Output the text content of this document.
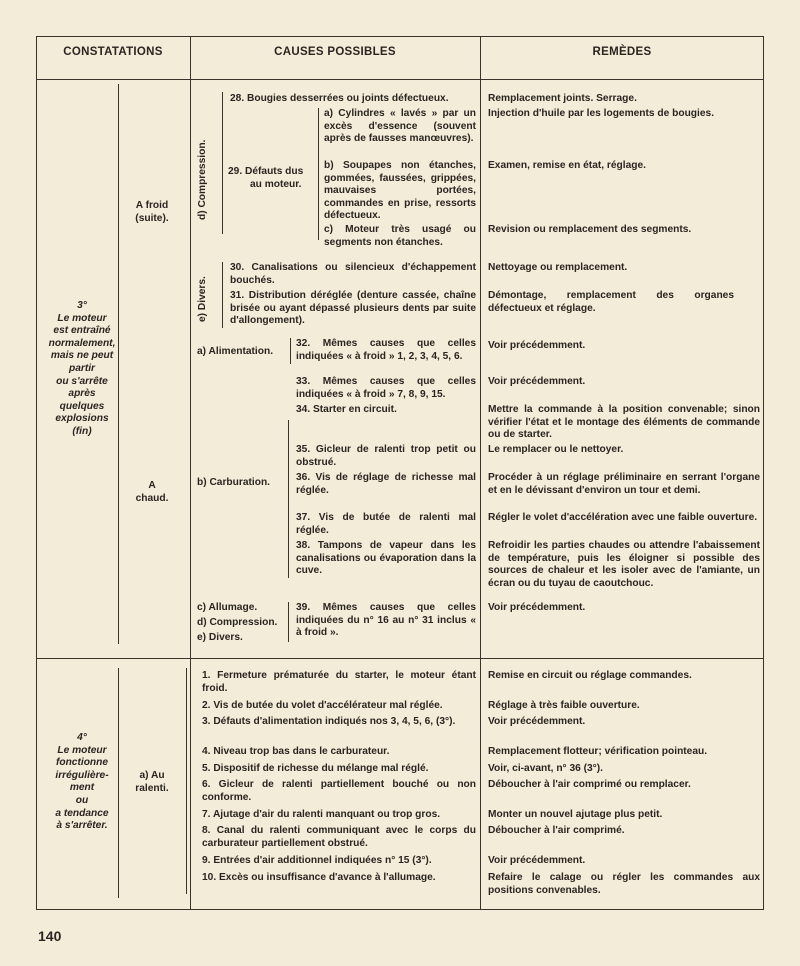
CONSTATATIONS	CAUSES POSSIBLES	REMÈDES
3°
Le moteur
est entraîné
normalement,
mais ne peut
partir
ou s'arrête
après
quelques
explosions
(fin)
A froid
(suite).
A
chaud.
d) Compression.
e) Divers.
29. Défauts dus
au moteur.
28. Bougies desserrées ou joints défectueux.
a) Cylindres « lavés » par un excès d'essence (souvent après de fausses manœuvres).
b) Soupapes non étanches, gommées, faussées, grippées, mauvaises portées, commandes en prise, ressorts défectueux.
c) Moteur très usagé ou segments non étanches.
30. Canalisations ou silencieux d'échappement bouchés.
31. Distribution déréglée (denture cassée, chaîne brisée ou ayant dépassé plusieurs dents par suite d'allongement).
a) Alimentation.
32. Mêmes causes que celles indiquées « à froid » 1, 2, 3, 4, 5, 6.
33. Mêmes causes que celles indiquées « à froid » 7, 8, 9, 15.
34. Starter en circuit.
b) Carburation.
35. Gicleur de ralenti trop petit ou obstrué.
36. Vis de réglage de richesse mal réglée.
37. Vis de butée de ralenti mal réglée.
38. Tampons de vapeur dans les canalisations ou évaporation dans la cuve.
c) Allumage.
d) Compression.
e) Divers.
39. Mêmes causes que celles indiquées du n° 16 au n° 31 inclus « à froid ».
Remplacement joints. Serrage.
Injection d'huile par les logements de bougies.
Examen, remise en état, réglage.
Revision ou remplacement des segments.
Nettoyage ou remplacement.
Démontage, remplacement des organes défectueux et réglage.
Voir précédemment.
Voir précédemment.
Mettre la commande à la position convenable; sinon vérifier l'état et le montage des éléments de commande ou de starter.
Le remplacer ou le nettoyer.
Procéder à un réglage préliminaire en serrant l'organe et en le dévissant d'environ un tour et demi.
Régler le volet d'accélération avec une faible ouverture.
Refroidir les parties chaudes ou attendre l'abaissement de température, puis les éloigner si possible des sources de chaleur et les isoler avec de l'amiante, un écran ou du tuyau de caoutchouc.
Voir précédemment.
4°
Le moteur
fonctionne
irrégulière-
ment
ou
a tendance
à s'arrêter.
a) Au
ralenti.
1. Fermeture prématurée du starter, le moteur étant froid.
2. Vis de butée du volet d'accélérateur mal réglée.
3. Défauts d'alimentation indiqués nos 3, 4, 5, 6, (3°).
4. Niveau trop bas dans le carburateur.
5. Dispositif de richesse du mélange mal réglé.
6. Gicleur de ralenti partiellement bouché ou non conforme.
7. Ajutage d'air du ralenti manquant ou trop gros.
8. Canal du ralenti communiquant avec le corps du carburateur partiellement obstrué.
9. Entrées d'air additionnel indiquées n° 15 (3°).
10. Excès ou insuffisance d'avance à l'allumage.
Remise en circuit ou réglage commandes.
Réglage à très faible ouverture.
Voir précédemment.
Remplacement flotteur; vérification pointeau.
Voir, ci-avant, n° 36 (3°).
Déboucher à l'air comprimé ou remplacer.
Monter un nouvel ajutage plus petit.
Déboucher à l'air comprimé.
Voir précédemment.
Refaire le calage ou régler les commandes aux positions convenables.
140
